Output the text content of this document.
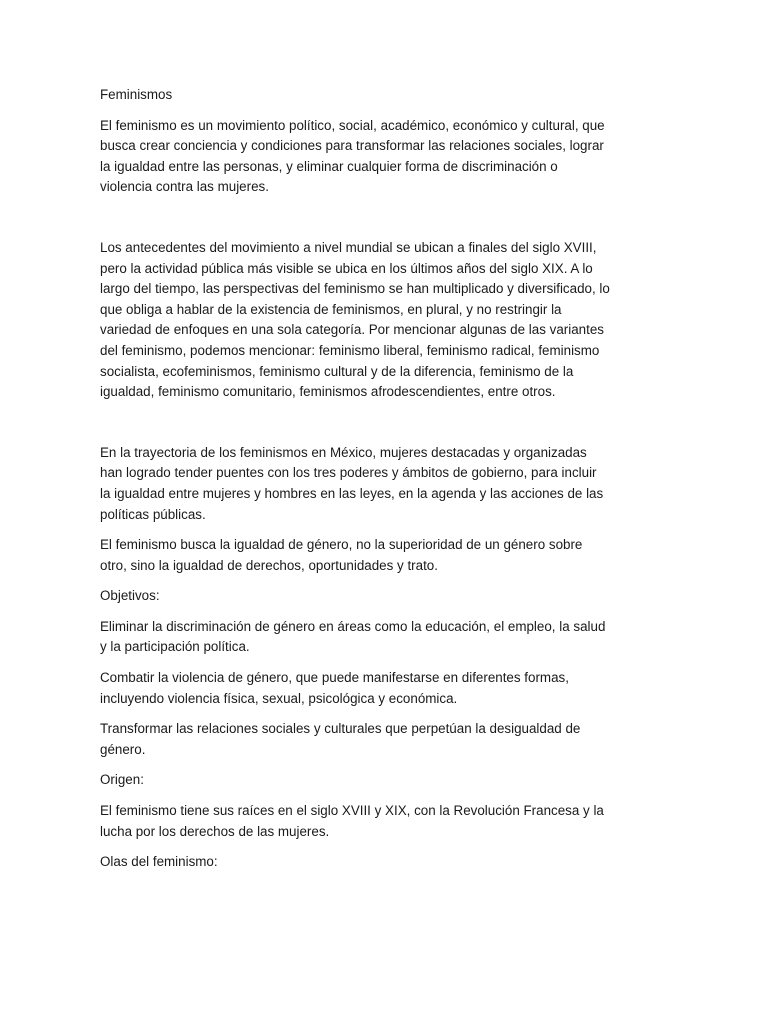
Feminismos

El feminismo es un movimiento político, social, académico, económico y cultural, que busca crear conciencia y condiciones para transformar las relaciones sociales, lograr la igualdad entre las personas, y eliminar cualquier forma de discriminación o violencia contra las mujeres.

Los antecedentes del movimiento a nivel mundial se ubican a finales del siglo XVIII, pero la actividad pública más visible se ubica en los últimos años del siglo XIX. A lo largo del tiempo, las perspectivas del feminismo se han multiplicado y diversificado, lo que obliga a hablar de la existencia de feminismos, en plural, y no restringir la variedad de enfoques en una sola categoría. Por mencionar algunas de las variantes del feminismo, podemos mencionar: feminismo liberal, feminismo radical, feminismo socialista, ecofeminismos, feminismo cultural y de la diferencia, feminismo de la igualdad, feminismo comunitario, feminismos afrodescendientes, entre otros.

En la trayectoria de los feminismos en México, mujeres destacadas y organizadas han logrado tender puentes con los tres poderes y ámbitos de gobierno, para incluir la igualdad entre mujeres y hombres en las leyes, en la agenda y las acciones de las políticas públicas.

El feminismo busca la igualdad de género, no la superioridad de un género sobre otro, sino la igualdad de derechos, oportunidades y trato.

Objetivos:

Eliminar la discriminación de género en áreas como la educación, el empleo, la salud y la participación política.

Combatir la violencia de género, que puede manifestarse en diferentes formas, incluyendo violencia física, sexual, psicológica y económica.

Transformar las relaciones sociales y culturales que perpetúan la desigualdad de género.

Origen:

El feminismo tiene sus raíces en el siglo XVIII y XIX, con la Revolución Francesa y la lucha por los derechos de las mujeres.

Olas del feminismo:
